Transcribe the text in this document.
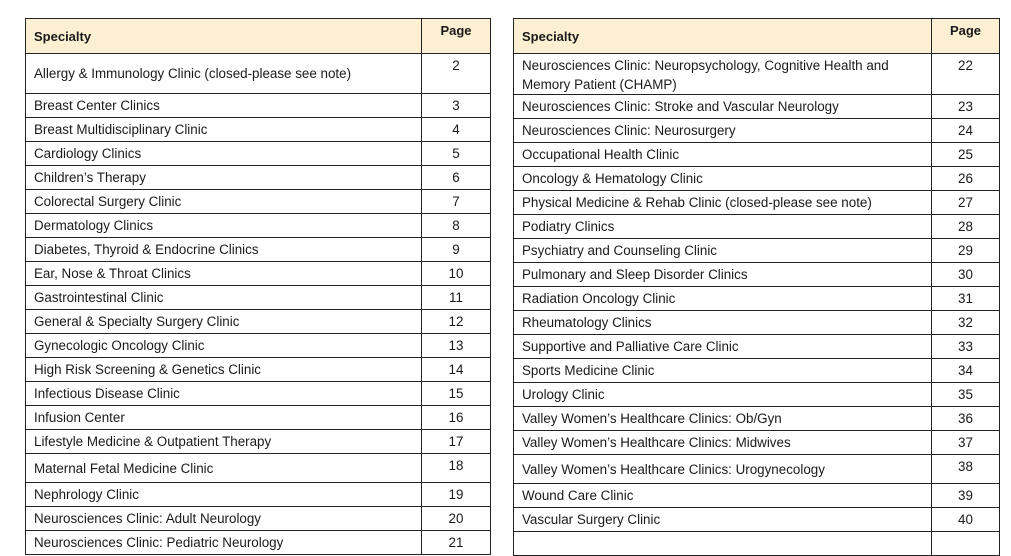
Specialty	Page
Allergy & Immunology Clinic (closed-please see note)	2
Breast Center Clinics	3
Breast Multidisciplinary Clinic	4
Cardiology Clinics	5
Children’s Therapy	6
Colorectal Surgery Clinic	7
Dermatology Clinics	8
Diabetes, Thyroid & Endocrine Clinics	9
Ear, Nose & Throat Clinics	10
Gastrointestinal Clinic	11
General & Specialty Surgery Clinic	12
Gynecologic Oncology Clinic	13
High Risk Screening & Genetics Clinic	14
Infectious Disease Clinic	15
Infusion Center	16
Lifestyle Medicine & Outpatient Therapy	17
Maternal Fetal Medicine Clinic	18
Nephrology Clinic	19
Neurosciences Clinic: Adult Neurology	20
Neurosciences Clinic: Pediatric Neurology	21
Specialty	Page
Neurosciences Clinic: Neuropsychology, Cognitive Health and Memory Patient (CHAMP)	22
Neurosciences Clinic: Stroke and Vascular Neurology	23
Neurosciences Clinic: Neurosurgery	24
Occupational Health Clinic	25
Oncology & Hematology Clinic	26
Physical Medicine & Rehab Clinic (closed-please see note)	27
Podiatry Clinics	28
Psychiatry and Counseling Clinic	29
Pulmonary and Sleep Disorder Clinics	30
Radiation Oncology Clinic	31
Rheumatology Clinics	32
Supportive and Palliative Care Clinic	33
Sports Medicine Clinic	34
Urology Clinic	35
Valley Women’s Healthcare Clinics: Ob/Gyn	36
Valley Women’s Healthcare Clinics: Midwives	37
Valley Women’s Healthcare Clinics: Urogynecology	38
Wound Care Clinic	39
Vascular Surgery Clinic	40
